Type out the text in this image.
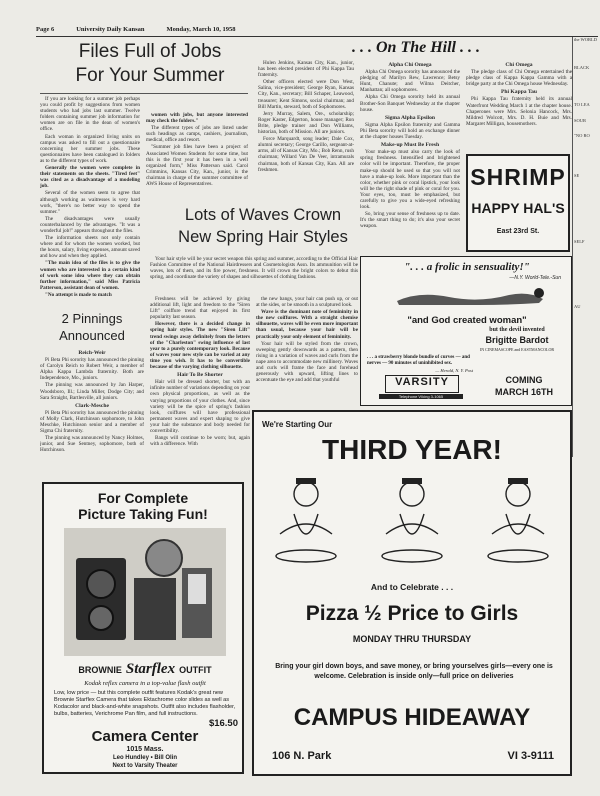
Page 6	University Daily Kansan	Monday, March 10, 1958
Files Full of Jobs
For Your Summer

If you are looking for a summer job perhaps you could profit by suggestions from women students who had jobs last summer. Twelve folders containing summer job information for women are on file in the dean of women's office.

Each woman in organized living units on campus was asked to fill out a questionnaire concerning her summer jobs. These questionnaires have been catalogued in folders as to the different types of work.

Generally the women were complete in their statements on the sheets. "Tired feet" was cited as a disadvantage of a modeling job.

Several of the women seem to agree that although working as waitresses is very hard work, "there's no better way to spend the summer."

The disadvantages were usually counterbalanced by the advantages. "It was a wonderful job!" appears throughout the files.

The information sheets not only contain where and for whom the women worked, but the hours, salary, living expenses, amount saved and how and when they applied.

"The main idea of the files is to give the women who are interested in a certain kind of work some idea where they can obtain further information," said Miss Patricia Patterson, assistant dean of women.

"No attempt is made to match

women with jobs, but anyone interested may check the folders."

The different types of jobs are listed under such headings as camps, cashiers, journalism, medical, office and resort.

"Summer job files have been a project of Associated Women Students for some time, but this is the first year it has been in a well organized form," Miss Patterson said. Carol Crimmins, Kansas City, Kan., junior, is the chairman in charge of the summer committee of AWS House of Representatives.

Lots of Waves Crown
New Spring Hair Styles
2 Pinnings
Announced
Reich-Weir

Pi Beta Phi sorority has announced the pinning of Carolyn Reich to Robert Weir, a member of Alpha Kappa Lambda fraternity. Both are Independence, Mo., juniors.

The pinning was announced by Jan Harper, Woodsboro, Ill.; Linda Miller, Dodge City; and Sara Straight, Bartlesville, all juniors.

Clark-Mesche

Pi Beta Phi sorority has announced the pinning of Molly Clark, Hutchinson sophomore, to John Meschke, Hutchinson senior and a member of Sigma Chi fraternity.

The pinning was announced by Nancy Holmes, junior, and Sue Sentney, sophomore, both of Hutchinson.

Your hair style will be your secret weapon this spring and summer, according to the Official Hair Fashion Committee of the National Hairdressers and Cosmetologists Assn. Its ammunition will be waves, lots of them, and its fire power, freshness. It will crown the bright colors to debut this spring, and coordinate the variety of shapes and silhouettes of clothing fashions.

Freshness will be achieved by giving additional lift, light and freedom to the "Siren Lift" coiffure trend that enjoyed its first popularity last season.

However, there is a decided change in spring hair styles. The new "Siren Lift" trend swings away definitely from the letters of the "Charleston" swing influence of last year to a purely contemporary look. Because of waves your new style can be varied at any time you wish. It has to be convertible because of the varying clothing silhouette.

Hair To Be Shorter

Hair will be dressed shorter, but with an infinite number of variations depending on your own physical proportions, as well as the varying proportions of your clothes. And, since variety will be the spice of spring's fashion look, coiffures will have professional permanent waves and expert shaping to give your hair the substance and body needed for convertibility.

Bangs will continue to be worn; but, again with a difference. With

the new bangs, your hair can push up, or out at the sides, or be smooth in a sculptured look.

Wave is the dominant note of femininity in the new coiffures. With a straight chemise silhouette, waves will be even more important than usual, because your hair will be practically your only element of femininity.

Your hair will be styled from the crown, sweeping gently downwards as a pattern, then rising in a variation of waves and curls from the nape area to accommodate new millinery. Waves and curls will frame the face and forehead generously with upward, lifting lines to accentuate the eye and add that youthful

. . . On The Hill . . .

Hulen Jenkins, Kansas City, Kan., junior, has been elected president of Phi Kappa Tau fraternity.

Other officers elected were Don West, Salina, vice-president; George Ryan, Kansas City, Kan., secretary; Bill Schaper, Leawood, treasurer; Kent Simons, social chairman; and Bill Martin, steward, both of Sophomores.

Jerry Murray, Salem, Ore., scholarship; Roger Kaster, Edgerton, house manager; Ron Brite, pledge trainer and Don Williams, historian, both of Mission. All are juniors.

Force Marquardt, song leader; Dale Cox, alumni secretary; George Carillo, sergeant-at-arms, all of Kansas City, Mo.; Bob Renn, rush chairman; Willard Van De Veer, intramurals chairman, both of Kansas City, Kan. All are freshmen.

Alpha Chi Omega

Alpha Chi Omega sorority has announced the pledging of Marilyn Rew, Lawrence; Betsy Hunt, Chanute; and Wilma Deitcher, Manhattan; all sophomores.

Alpha Chi Omega sorority held its annual Brother-Son Banquet Wednesday at the chapter house.

Sigma Alpha Epsilon

Sigma Alpha Epsilon fraternity and Gamma Phi Beta sorority will hold an exchange dinner at the chapter houses Tuesday.

Make-up Must Be Fresh

Your make-up must also carry the look of spring freshness. Intensified and brightened color will be important. Therefore, the proper make-up should be used so that you will not have a make-up look. More important than the color, whether pink or coral lipstick, your look will be the right shade of pink or coral for you. Your eyes, too, must be emphasized, but carefully to give you a wide-eyed refreshing look.

So, bring your sense of freshness up to date. It's the smart thing to do; it's also your secret weapon.

Chi Omega

The pledge class of Chi Omega entertained the pledge class of Kappa Kappa Gamma with a bridge party at the Chi Omega house Wednesday.

Phi Kappa Tau

Phi Kappa Tau fraternity held its annual Waterfront Wedding March 1 at the chapter house. Chaperones were Mrs. Selonia Hancock, Mrs. Mildred Wolcott, Mrs. D. H. Buie and Mrs. Margaret Milligan, housemothers.

SHRIMP
HAPPY HAL'S
East 23rd St.
". . . a frolic in sensuality!"
—N.Y. World-Tele.-Sun
"and God created woman"
but the devil invented
Brigitte Bardot
IN CINEMASCOPE and EASTMANCOLOR
. . . a strawberry blonde bundle of curves — and nerves — 90 minutes of uninhibited sex.
— Herald, N. Y. Post
VARSITY
Telephone VIking 3-1065
COMING
MARCH 16TH
For Complete
Picture Taking Fun!
BROWNIE Starflex OUTFIT
Kodak reflex camera in a top-value flash outfit
Low, low price — but this complete outfit features Kodak's great new Brownie Starflex Camera that takes Ektachrome color slides as well as Kodacolor and black-and-white snapshots. Outfit also includes flasholder, bulbs, batteries, Verichrome Pan film, and full instructions.
$16.50
Camera Center
1015 Mass.
Leo Hundley • Bill Olin
Next to Varsity Theater
We're Starting Our
THIRD YEAR!
And to Celebrate . . .
Pizza ½ Price to Girls
MONDAY THRU THURSDAY
Bring your girl down boys, and save money, or bring yourselves girls—every one is welcome. Celebration is inside only—full price on deliveries
CAMPUS HIDEAWAY
106 N. Park	VI 3-9111
the WORLD
BLACK
TO LEA
SOUR
"NO RO
SE
SELF
AU
